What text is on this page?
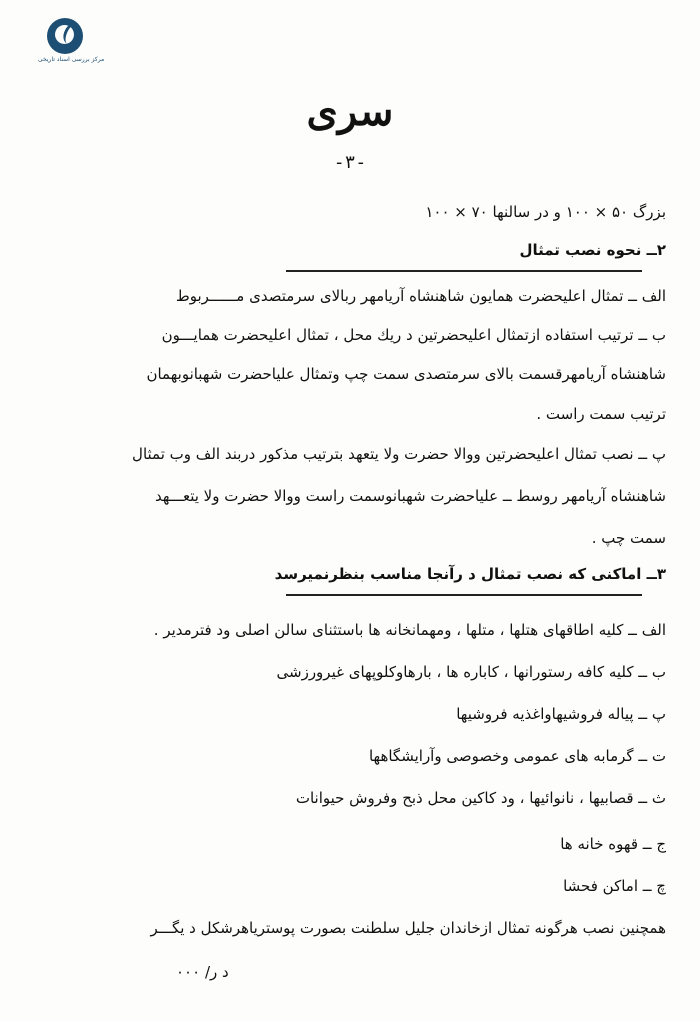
مرکز بررسی اسناد تاریخی
سری
-۳-
بزرگ ۵۰ × ۱۰۰ و در سالنها ۷۰ × ۱۰۰
۲ــ نحوه نصب تمثال
الف ــ تمثال اعلیحضرت همایون شاهنشاه آریامهر ربالای سرمتصدی مــــــربوط
ب ــ ترتیب استفاده ازتمثال اعلیحضرتین د ریك محل ، تمثال اعلیحضرت همایـــون
شاهنشاه آریامهرقسمت بالای سرمتصدی سمت چپ وتمثال علیاحضرت شهبانوبهمان
ترتیب سمت راست .
پ ــ نصب تمثال اعلیحضرتین ووالا حضرت ولا یتعهد بترتیب مذکور دربند الف وب تمثال
شاهنشاه آریامهر روسط ــ علیاحضرت شهبانوسمت راست ووالا حضرت ولا یتعـــهد
سمت چپ .
۳ــ اماکنی که نصب تمثال د رآنجا مناسب بنظرنمیرسد
الف ــ کلیه اطاقهای هتلها ، متلها ، ومهمانخانه ها باستثنای سالن اصلی ود فترمدیر .
ب ــ کلیه کافه رستورانها ، کاباره ها ، بارهاوکلوپهای غیرورزشی
پ ــ پیاله فروشیهاواغذیه فروشیها
ت ــ گرمابه های عمومی وخصوصی وآرایشگاهها
ث ــ قصابیها ، نانوائیها ، ود کاکین محل ذبح وفروش حیوانات
ج ــ قهوه خانه ها
چ ــ اماکن فحشا
همچنین نصب هرگونه تمثال ازخاندان جلیل سلطنت بصورت پوستریاهرشکل د یگـــر
د ر/ ۰۰۰
